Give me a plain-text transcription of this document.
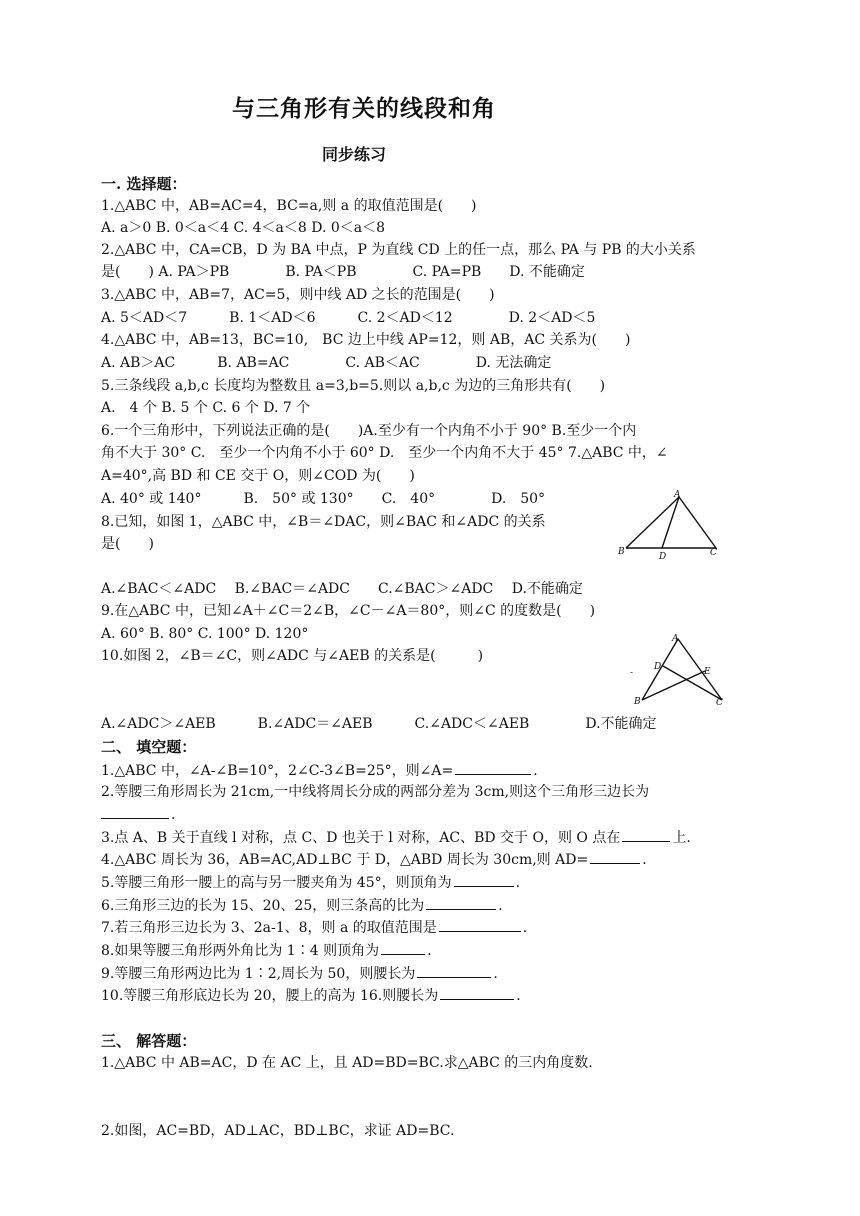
与三角形有关的线段和角
同步练习
一. 选择题：
1.△ABC 中，AB=AC=4，BC=a,则 a 的取值范围是(　　)
A. a＞0 B. 0＜a＜4 C. 4＜a＜8 D. 0＜a＜8
2.△ABC 中，CA=CB，D 为 BA 中点，P 为直线 CD 上的任一点，那么 PA 与 PB 的大小关系
是(　　) A. PA＞PB　　　　B. PA＜PB　　　　C. PA=PB　　D. 不能确定
3.△ABC 中，AB=7，AC=5，则中线 AD 之长的范围是(　　)
A. 5＜AD＜7　　　B. 1＜AD＜6　　　C. 2＜AD＜12　　　　D. 2＜AD＜5
4.△ABC 中，AB=13，BC=10,　BC 边上中线 AP=12，则 AB，AC 关系为(　　)
A. AB＞AC　　　B. AB=AC　　　　C. AB＜AC　　　　D. 无法确定
5.三条线段 a,b,c 长度均为整数且 a=3,b=5.则以 a,b,c 为边的三角形共有(　　)
A.　4 个 B. 5 个 C. 6 个 D. 7 个
6.一个三角形中，下列说法正确的是(　　)A.至少有一个内角不小于 90° B.至少一个内
角不大于 30° C.　至少一个内角不小于 60° D.　至少一个内角不大于 45° 7.△ABC 中，∠
A=40°,高 BD 和 CE 交于 O，则∠COD 为(　　)
A. 40° 或 140°　　　B.　50° 或 130°　　C.　40°　　　　D.　50°
8.已知，如图 1，△ABC 中，∠B＝∠DAC，则∠BAC 和∠ADC 的关系
是(　　)
A.∠BAC＜∠ADC　 B.∠BAC＝∠ADC　　C.∠BAC＞∠ADC　 D.不能确定
9.在△ABC 中，已知∠A＋∠C＝2∠B，∠C－∠A＝80°，则∠C 的度数是(　　)
A. 60° B. 80° C. 100° D. 120°
10.如图 2，∠B＝∠C，则∠ADC 与∠AEB 的关系是(　　　)
A.∠ADC＞∠AEB　　　B.∠ADC＝∠AEB　　　C.∠ADC＜∠AEB　　　　D.不能确定
A
B	C
D
A
D	E
B	C
-
二、 填空题：
1.△ABC 中，∠A-∠B=10°，2∠C-3∠B=25°，则∠A=	.
2.等腰三角形周长为 21cm,一中线将周长分成的两部分差为 3cm,则这个三角形三边长为
.
3.点 A、B 关于直线 l 对称，点 C、D 也关于 l 对称，AC、BD 交于 O，则 O 点在	上.
4.△ABC 周长为 36，AB=AC,AD⊥BC 于 D，△ABD 周长为 30cm,则 AD=	.
5.等腰三角形一腰上的高与另一腰夹角为 45°，则顶角为	.
6.三角形三边的长为 15、20、25，则三条高的比为	.
7.若三角形三边长为 3、2a-1、8，则 a 的取值范围是	.
8.如果等腰三角形两外角比为 1∶4 则顶角为	.
9.等腰三角形两边比为 1∶2,周长为 50，则腰长为	.
10.等腰三角形底边长为 20，腰上的高为 16.则腰长为	.
三、 解答题：
1.△ABC 中 AB=AC，D 在 AC 上，且 AD=BD=BC.求△ABC 的三内角度数.
2.如图，AC=BD，AD⊥AC，BD⊥BC，求证 AD=BC.
